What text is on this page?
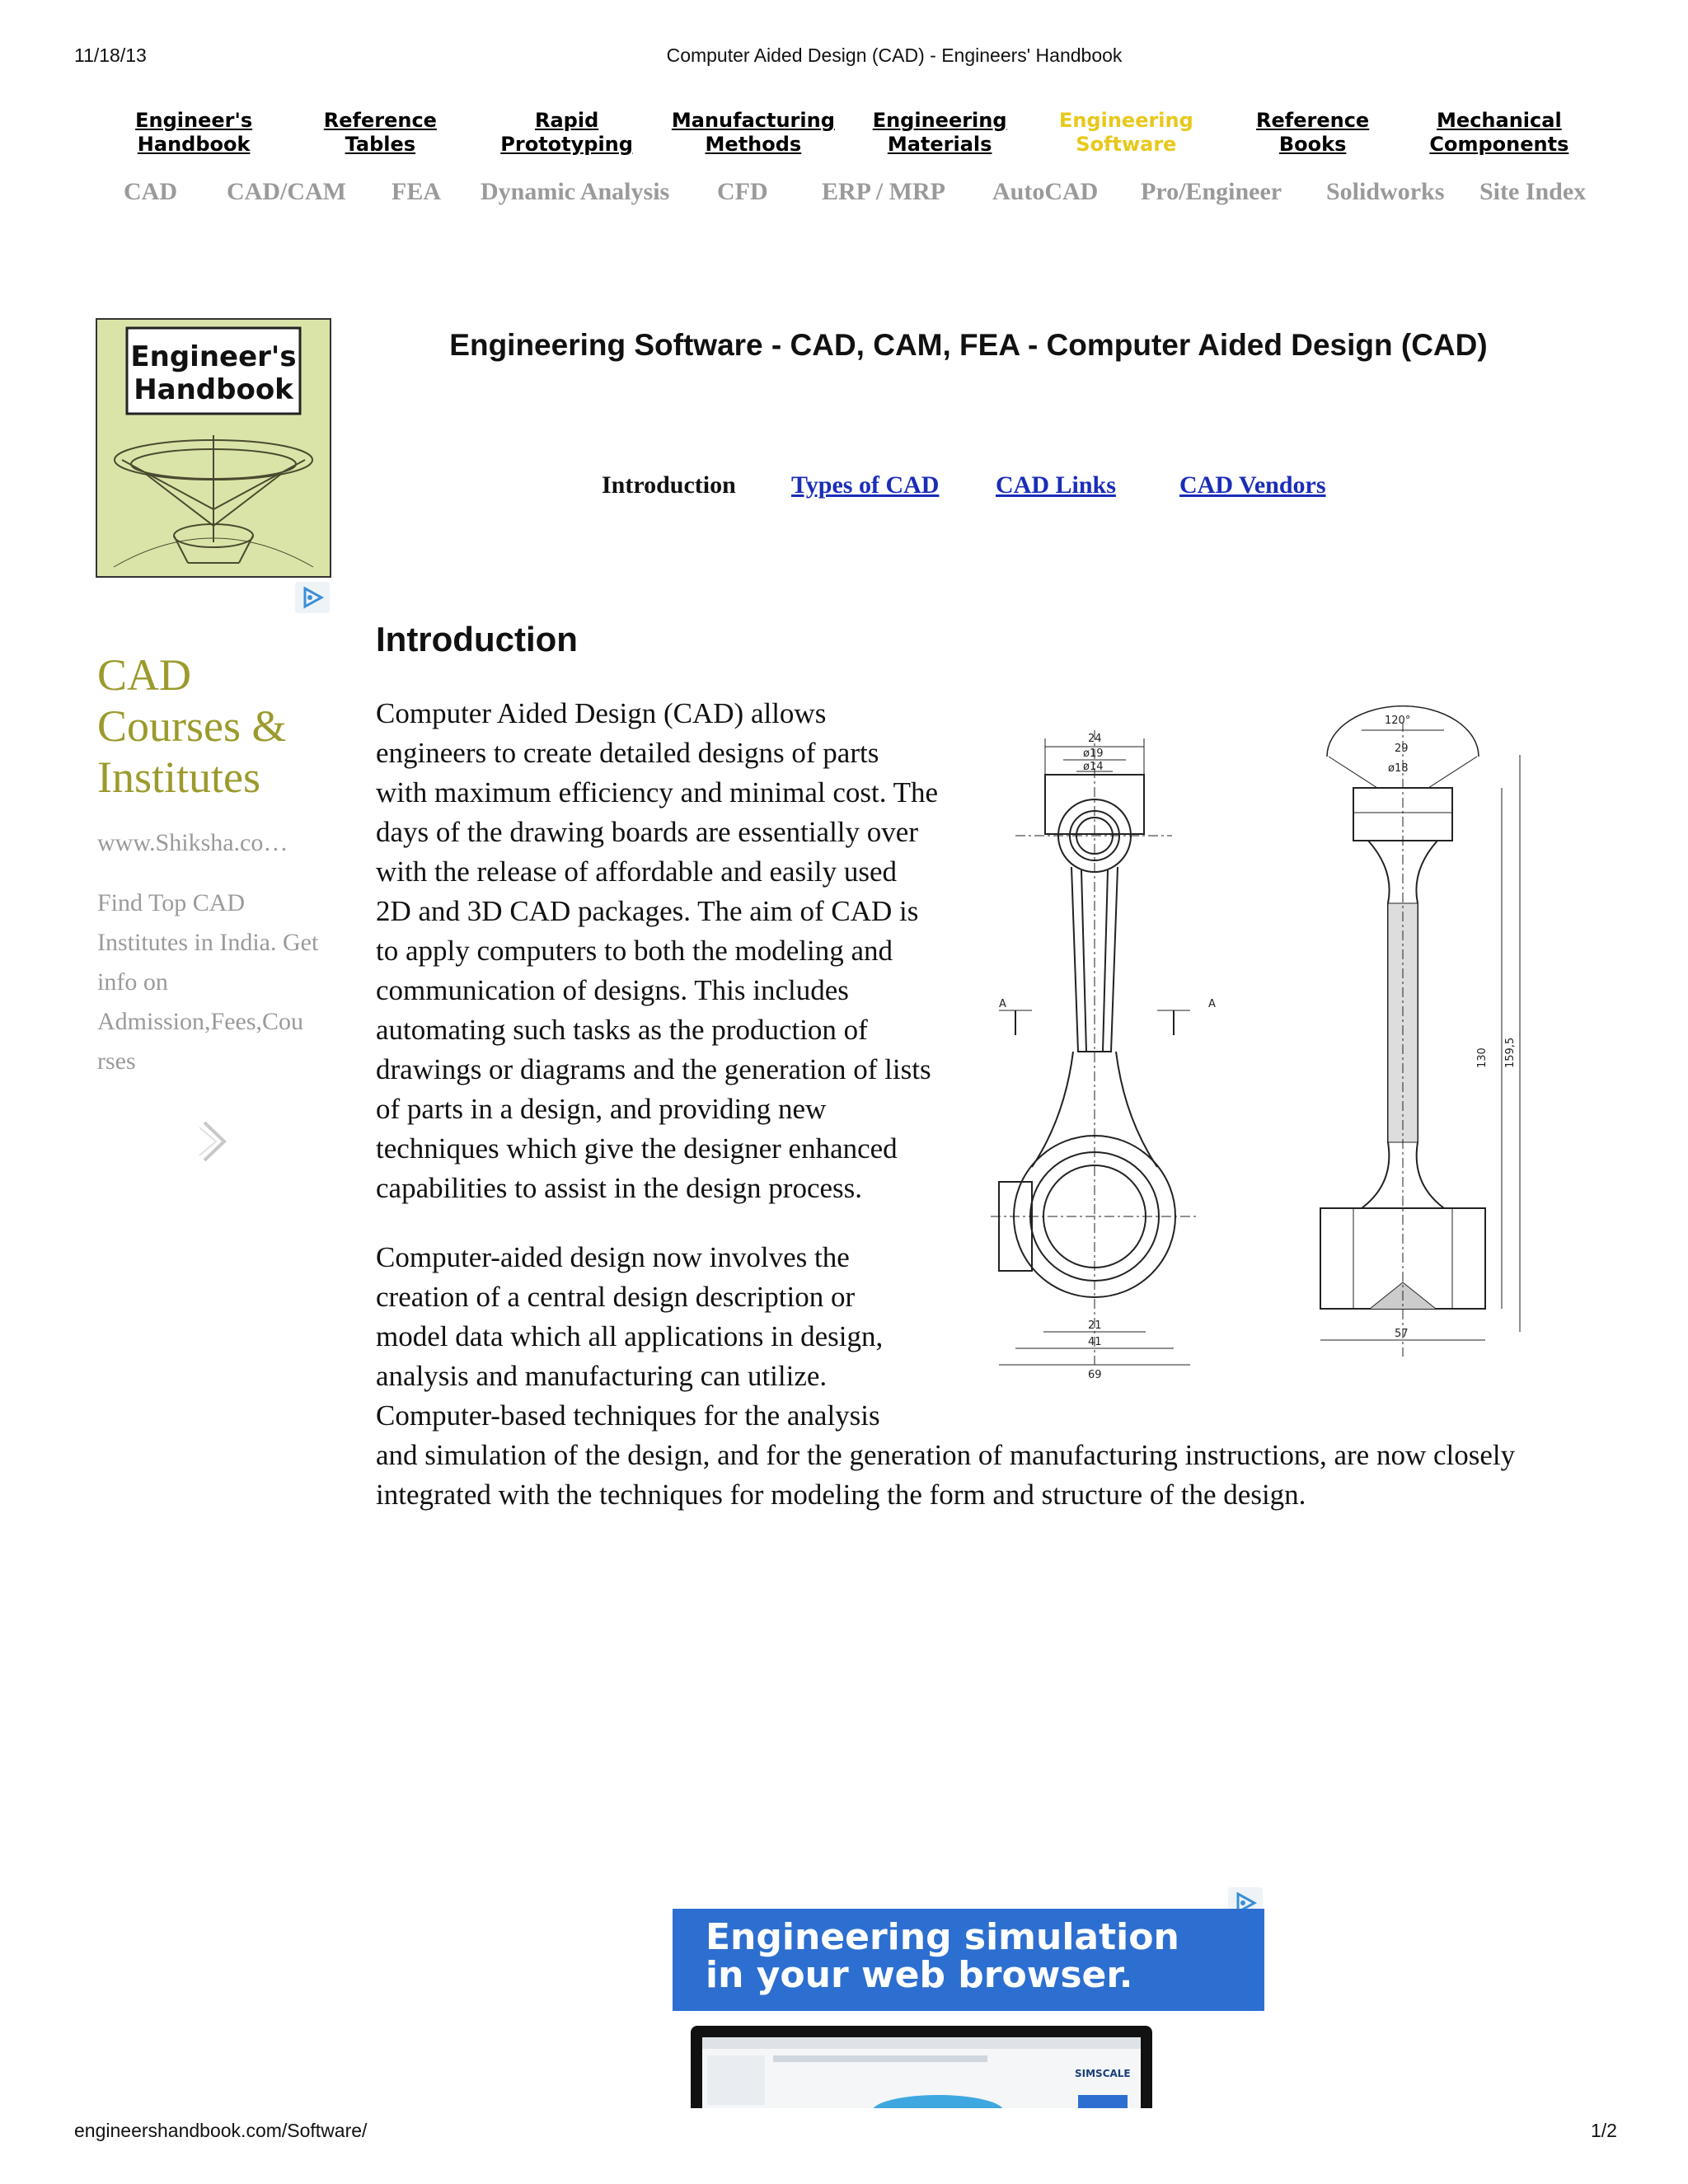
11/18/13	Computer Aided Design (CAD) - Engineers' Handbook
Engineer's
Handbook
Reference
Tables
Rapid
Prototyping
Manufacturing
Methods
Engineering
Materials
Engineering
Software
Reference
Books
Mechanical
Components
CAD CAD/CAM FEA Dynamic Analysis CFD ERP / MRP AutoCAD Pro/Engineer Solidworks Site Index
Engineer's
Handbook
CAD
Courses &
Institutes
www.Shiksha.co…
Find Top CAD Institutes in India. Get info on Admission,Fees,Cou rses
Engineering Software - CAD, CAM, FEA - Computer Aided Design (CAD)
Introduction Types of CAD CAD Links	CAD Vendors
Introduction

Computer Aided Design (CAD) allows
engineers to create detailed designs of parts
with maximum efficiency and minimal cost. The
days of the drawing boards are essentially over
with the release of affordable and easily used
2D and 3D CAD packages. The aim of CAD is
to apply computers to both the modeling and
communication of designs. This includes
automating such tasks as the production of
drawings or diagrams and the generation of lists
of parts in a design, and providing new
techniques which give the designer enhanced
capabilities to assist in the design process.

Computer-aided design now involves the
creation of a central design description or
model data which all applications in design,
analysis and manufacturing can utilize.
Computer-based techniques for the analysis
and simulation of the design, and for the generation of manufacturing instructions, are now closely
integrated with the techniques for modeling the form and structure of the design.

24
ø19
ø14
A	A
21
41
69
120°
29
ø18
130 159,5
57
Engineering simulation
in your web browser.
SIMSCALE
engineershandbook.com/Software/	1/2
